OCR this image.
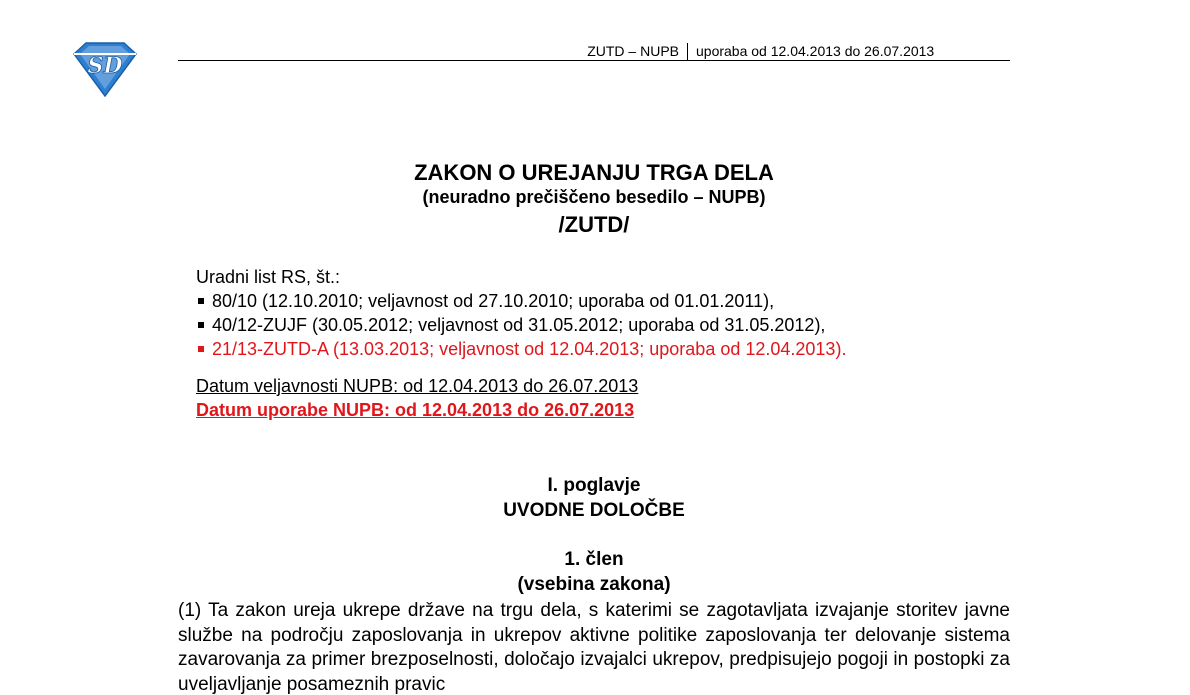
SD
ZUTD – NUPB	uporaba od 12.04.2013 do 26.07.2013
ZAKON O UREJANJU TRGA DELA
(neuradno prečiščeno besedilo – NUPB)
/ZUTD/
Uradni list RS, št.:
80/10 (12.10.2010; veljavnost od 27.10.2010; uporaba od 01.01.2011),
40/12-ZUJF (30.05.2012; veljavnost od 31.05.2012; uporaba od 31.05.2012),
21/13-ZUTD-A (13.03.2013; veljavnost od 12.04.2013; uporaba od 12.04.2013).
Datum veljavnosti NUPB: od 12.04.2013 do 26.07.2013
Datum uporabe NUPB: od 12.04.2013 do 26.07.2013
I. poglavje
UVODNE DOLOČBE
1. člen
(vsebina zakona)

(1) Ta zakon ureja ukrepe države na trgu dela, s katerimi se zagotavljata izvajanje storitev javne službe na področju zaposlovanja in ukrepov aktivne politike zaposlovanja ter delovanje sistema zavarovanja za primer brezposelnosti, določajo izvajalci ukrepov, predpisujejo pogoji in postopki za uveljavljanje posameznih pravic
